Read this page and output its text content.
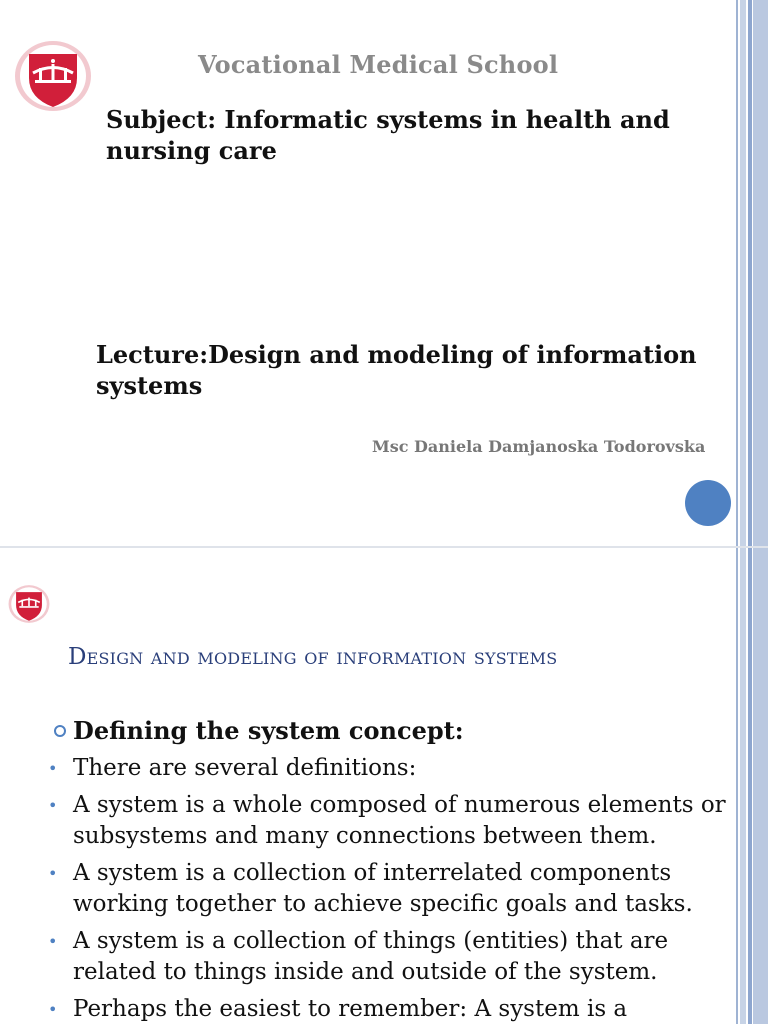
Vocational Medical School
Subject: Informatic systems in health and nursing care
Lecture:Design and modeling of information systems
Msc Daniela Damjanoska Todorovska
Design and modeling of information systems
Defining the system concept:
• There are several definitions:
• A system is a whole composed of numerous elements or subsystems and many connections between them.
• A system is a collection of interrelated components working together to achieve specific goals and tasks.
• A system is a collection of things (entities) that are related to things inside and outside of the system.
• Perhaps the easiest to remember: A system is a
